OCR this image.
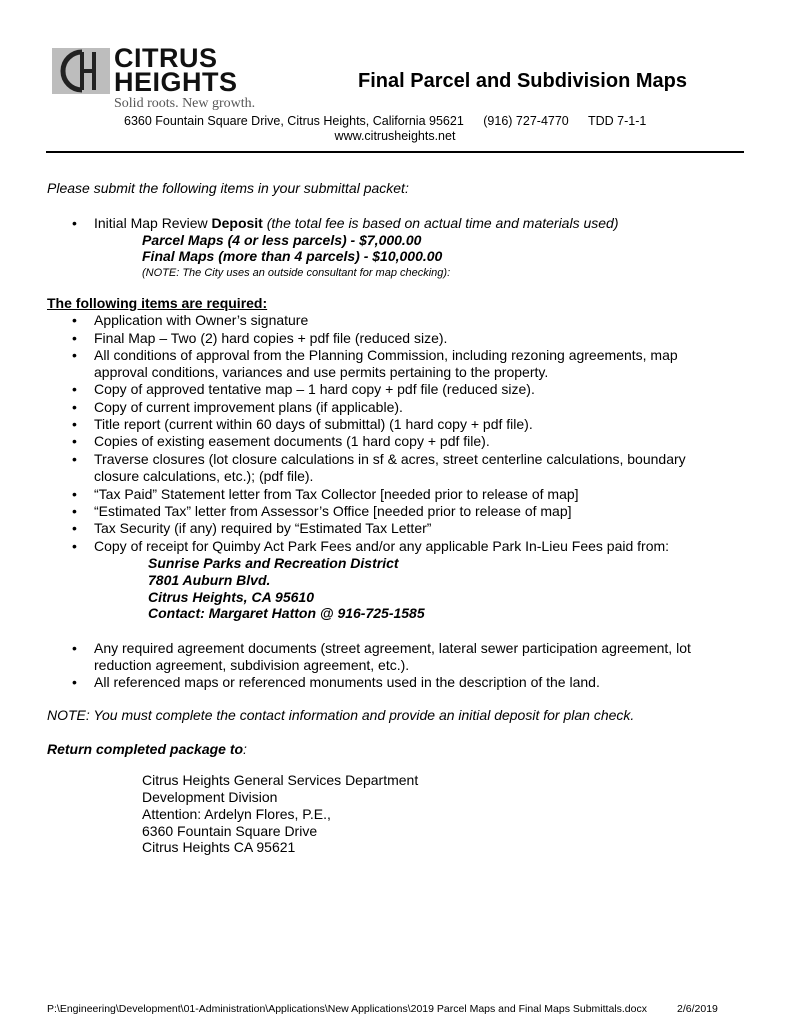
CITRUS
HEIGHTS
Solid roots. New growth.
Final Parcel and Subdivision Maps
6360 Fountain Square Drive, Citrus Heights, California 95621 (916) 727-4770 TDD 7-1-1
www.citrusheights.net
Please submit the following items in your submittal packet:
• Initial Map Review Deposit (the total fee is based on actual time and materials used)
Parcel Maps (4 or less parcels) - $7,000.00
Final Maps (more than 4 parcels) - $10,000.00
(NOTE: The City uses an outside consultant for map checking):
The following items are required:
• Application with Owner’s signature
• Final Map – Two (2) hard copies + pdf file (reduced size).
• All conditions of approval from the Planning Commission, including rezoning agreements, map
approval conditions, variances and use permits pertaining to the property.
• Copy of approved tentative map – 1 hard copy + pdf file (reduced size).
• Copy of current improvement plans (if applicable).
• Title report (current within 60 days of submittal) (1 hard copy + pdf file).
• Copies of existing easement documents (1 hard copy + pdf file).
• Traverse closures (lot closure calculations in sf & acres, street centerline calculations, boundary
closure calculations, etc.); (pdf file).
• “Tax Paid” Statement letter from Tax Collector [needed prior to release of map]
• “Estimated Tax” letter from Assessor’s Office [needed prior to release of map]
• Tax Security (if any) required by “Estimated Tax Letter”
• Copy of receipt for Quimby Act Park Fees and/or any applicable Park In-Lieu Fees paid from:
Sunrise Parks and Recreation District
7801 Auburn Blvd.
Citrus Heights, CA 95610
Contact: Margaret Hatton @ 916-725-1585
• Any required agreement documents (street agreement, lateral sewer participation agreement, lot
reduction agreement, subdivision agreement, etc.).
• All referenced maps or referenced monuments used in the description of the land.
NOTE: You must complete the contact information and provide an initial deposit for plan check.
Return completed package to:
Citrus Heights General Services Department
Development Division
Attention: Ardelyn Flores, P.E.,
6360 Fountain Square Drive
Citrus Heights CA 95621
P:\Engineering\Development\01-Administration\Applications\New Applications\2019 Parcel Maps and Final Maps Submittals.docx	2/6/2019
